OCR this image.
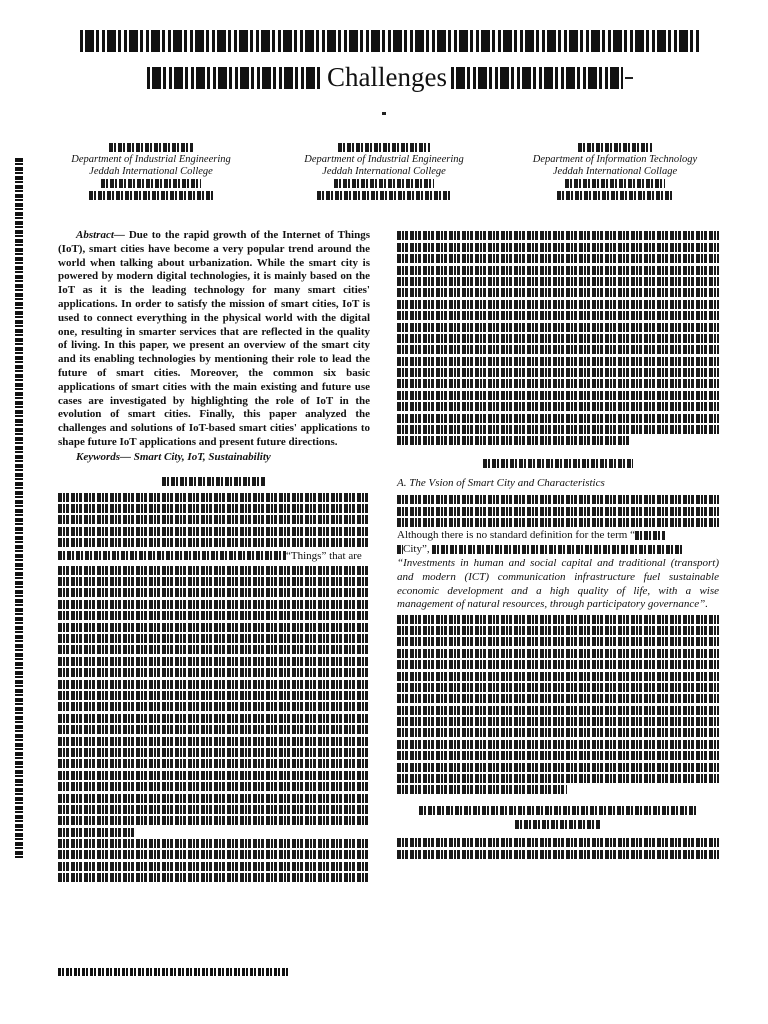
Challenges
Department of Industrial Engineering
Jeddah International College

Department of Industrial Engineering
Jeddah International College

Department of Information Technology
Jeddah International Collage

Abstract— Due to the rapid growth of the Internet of Things (IoT), smart cities have become a very popular trend around the world when talking about urbanization. While the smart city is powered by modern digital technologies, it is mainly based on the IoT as it is the leading technology for many smart cities' applications. In order to satisfy the mission of smart cities, IoT is used to connect everything in the physical world with the digital one, resulting in smarter services that are reflected in the quality of living. In this paper, we present an overview of the smart city and its enabling technologies by mentioning their role to lead the future of smart cities. Moreover, the common six basic applications of smart cities with the main existing and future use cases are investigated by highlighting the role of IoT in the evolution of smart cities. Finally, this paper analyzed the challenges and solutions of IoT-based smart cities' applications to shape future IoT applications and present future directions.
Keywords— Smart City, IoT, Sustainability
“Things” that are
A. The Vsion of Smart City and Characteristics
Although there is no standard definition for the term “
City”,
“Investments in human and social capital and traditional (transport) and modern (ICT) communication infrastructure fuel sustainable economic development and a high quality of life, with a wise management of natural resources, through participatory governance”.
